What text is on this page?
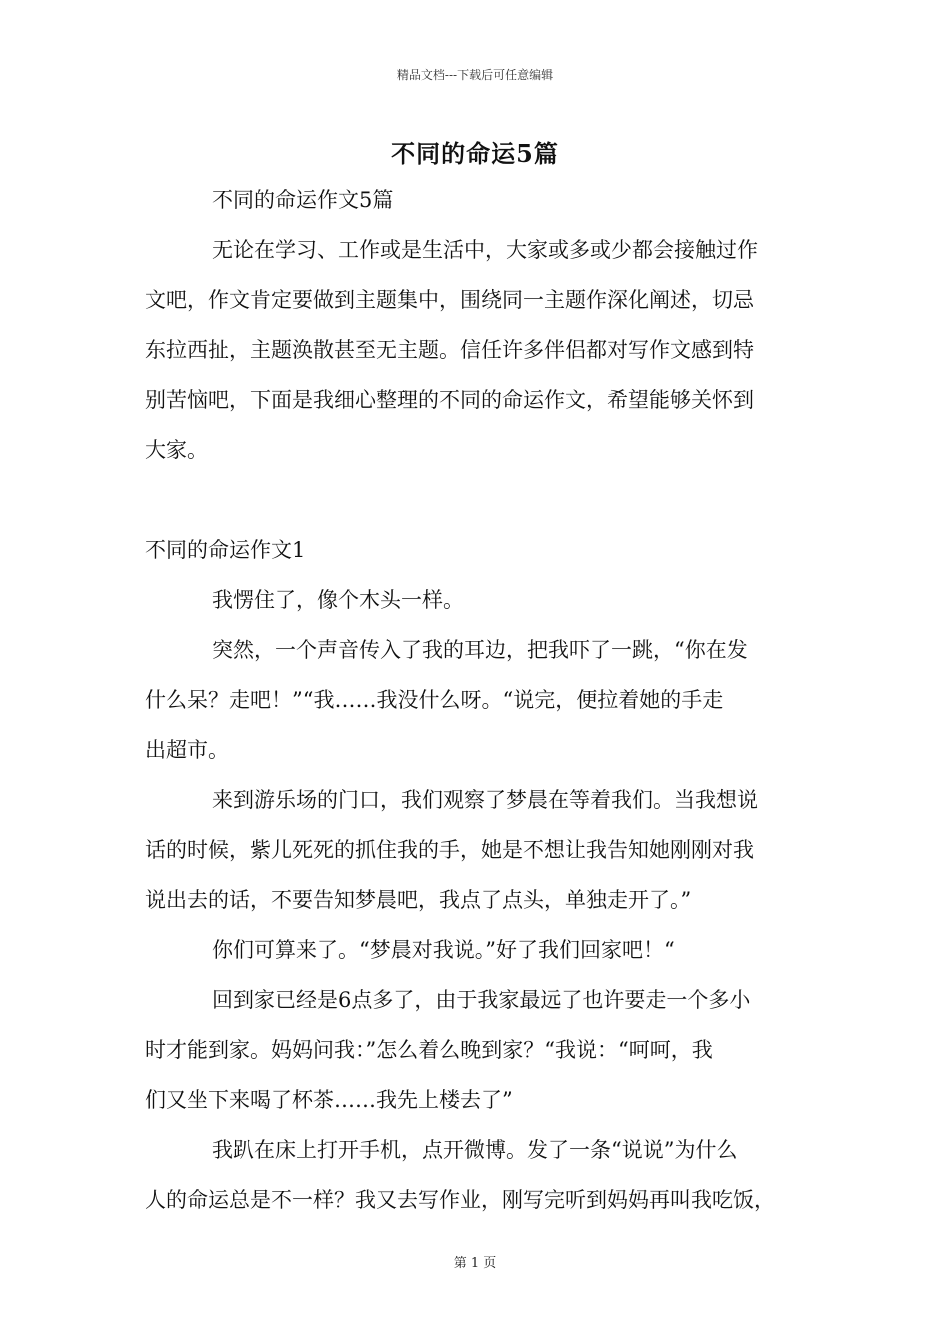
精品文档---下载后可任意编辑
不同的命运5篇
不同的命运作文5篇
无论在学习、工作或是生活中，大家或多或少都会接触过作
文吧，作文肯定要做到主题集中，围绕同一主题作深化阐述，切忌
东拉西扯，主题涣散甚至无主题。信任许多伴侣都对写作文感到特
别苦恼吧，下面是我细心整理的不同的命运作文，希望能够关怀到
大家。
不同的命运作文1
我愣住了，像个木头一样。
突然，一个声音传入了我的耳边，把我吓了一跳，“你在发
什么呆？走吧！”“我……我没什么呀。“说完，便拉着她的手走
出超市。
来到游乐场的门口，我们观察了梦晨在等着我们。当我想说
话的时候，紫儿死死的抓住我的手，她是不想让我告知她刚刚对我
说出去的话，不要告知梦晨吧，我点了点头，单独走开了。”
你们可算来了。“梦晨对我说。”好了我们回家吧！“
回到家已经是6点多了，由于我家最远了也许要走一个多小
时才能到家。妈妈问我：”怎么着么晚到家？“我说：“呵呵，我
们又坐下来喝了杯茶……我先上楼去了”
我趴在床上打开手机，点开微博。发了一条“说说”为什么
人的命运总是不一样？我又去写作业，刚写完听到妈妈再叫我吃饭，
第 1 页
